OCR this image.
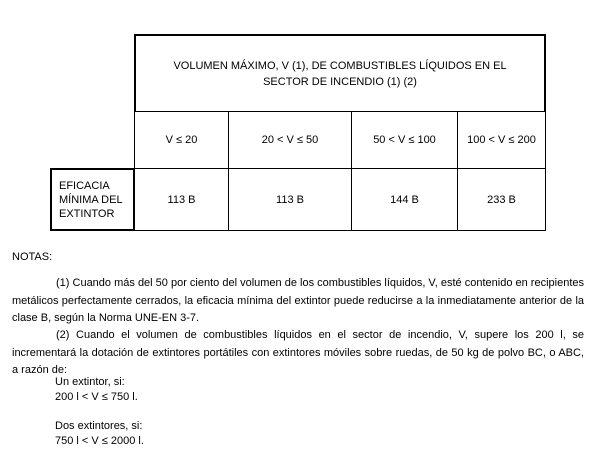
VOLUMEN MÁXIMO, V (1), DE COMBUSTIBLES LÍQUIDOS EN EL SECTOR DE INCENDIO (1) (2)
V ≤ 20	20 < V ≤ 50	50 < V ≤ 100	100 < V ≤ 200
EFICACIA MÍNIMA DEL EXTINTOR
113 B	113 B	144 B	233 B
NOTAS:
(1) Cuando más del 50 por ciento del volumen de los combustibles líquidos, V, esté contenido en recipientes metálicos perfectamente cerrados, la eficacia mínima del extintor puede reducirse a la inmediatamente anterior de la clase B, según la Norma UNE-EN 3-7.
(2) Cuando el volumen de combustibles líquidos en el sector de incendio, V, supere los 200 l, se incrementará la dotación de extintores portátiles con extintores móviles sobre ruedas, de 50 kg de polvo BC, o ABC, a razón de:
Un extintor, si:
200 l < V ≤ 750 l.
Dos extintores, si:
750 l < V ≤ 2000 l.
